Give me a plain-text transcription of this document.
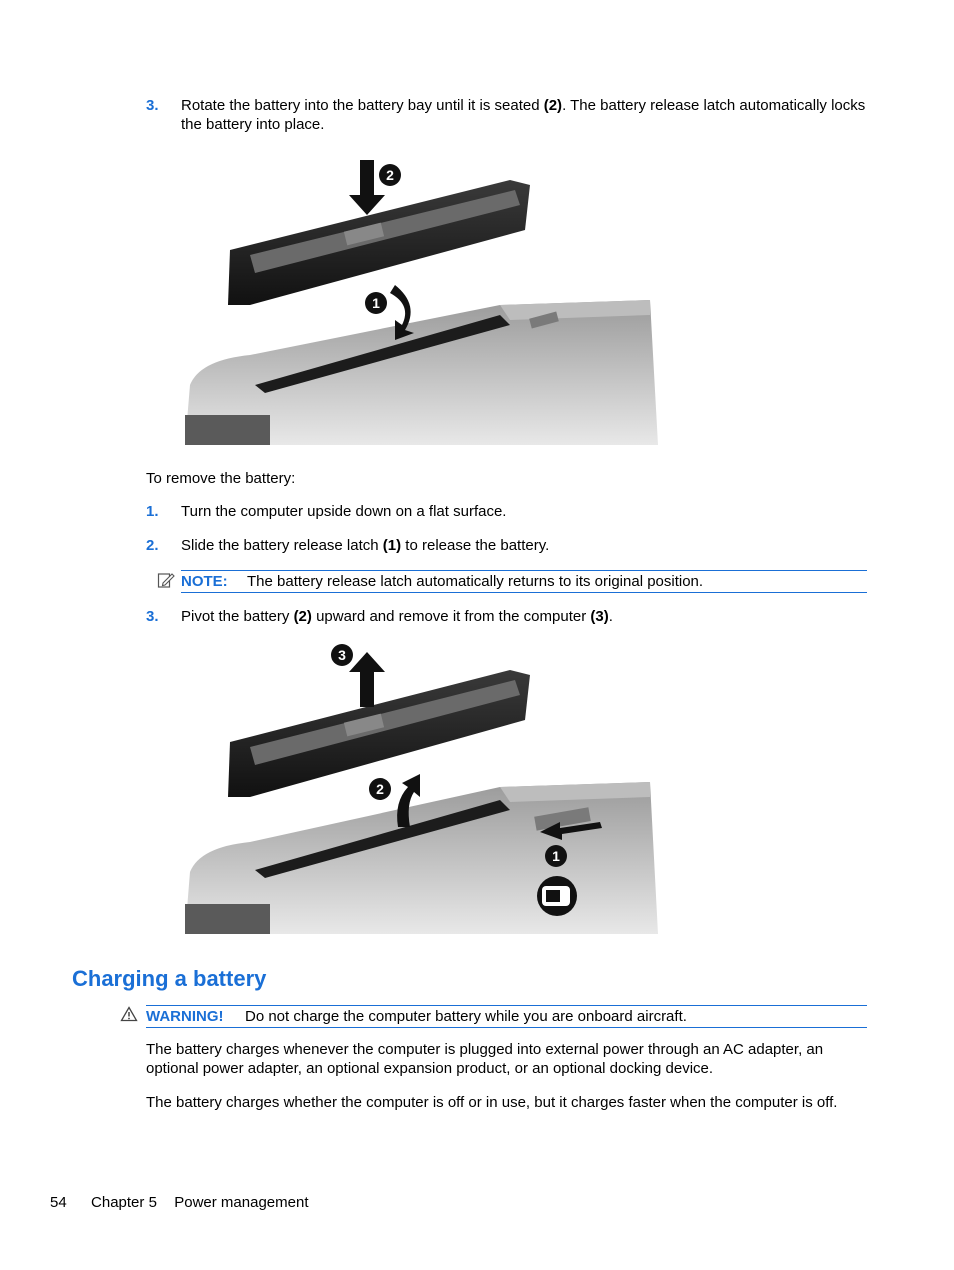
3. Rotate the battery into the battery bay until it is seated (2). The battery release latch automatically locks the battery into place.
2
1
To remove the battery:
1. Turn the computer upside down on a flat surface.
2. Slide the battery release latch (1) to release the battery.
NOTE: The battery release latch automatically returns to its original position.
3. Pivot the battery (2) upward and remove it from the computer (3).
3
2
1
Charging a battery
WARNING! Do not charge the computer battery while you are onboard aircraft.
The battery charges whenever the computer is plugged into external power through an AC adapter, an optional power adapter, an optional expansion product, or an optional docking device.
The battery charges whether the computer is off or in use, but it charges faster when the computer is off.
54 Chapter 5 Power management
